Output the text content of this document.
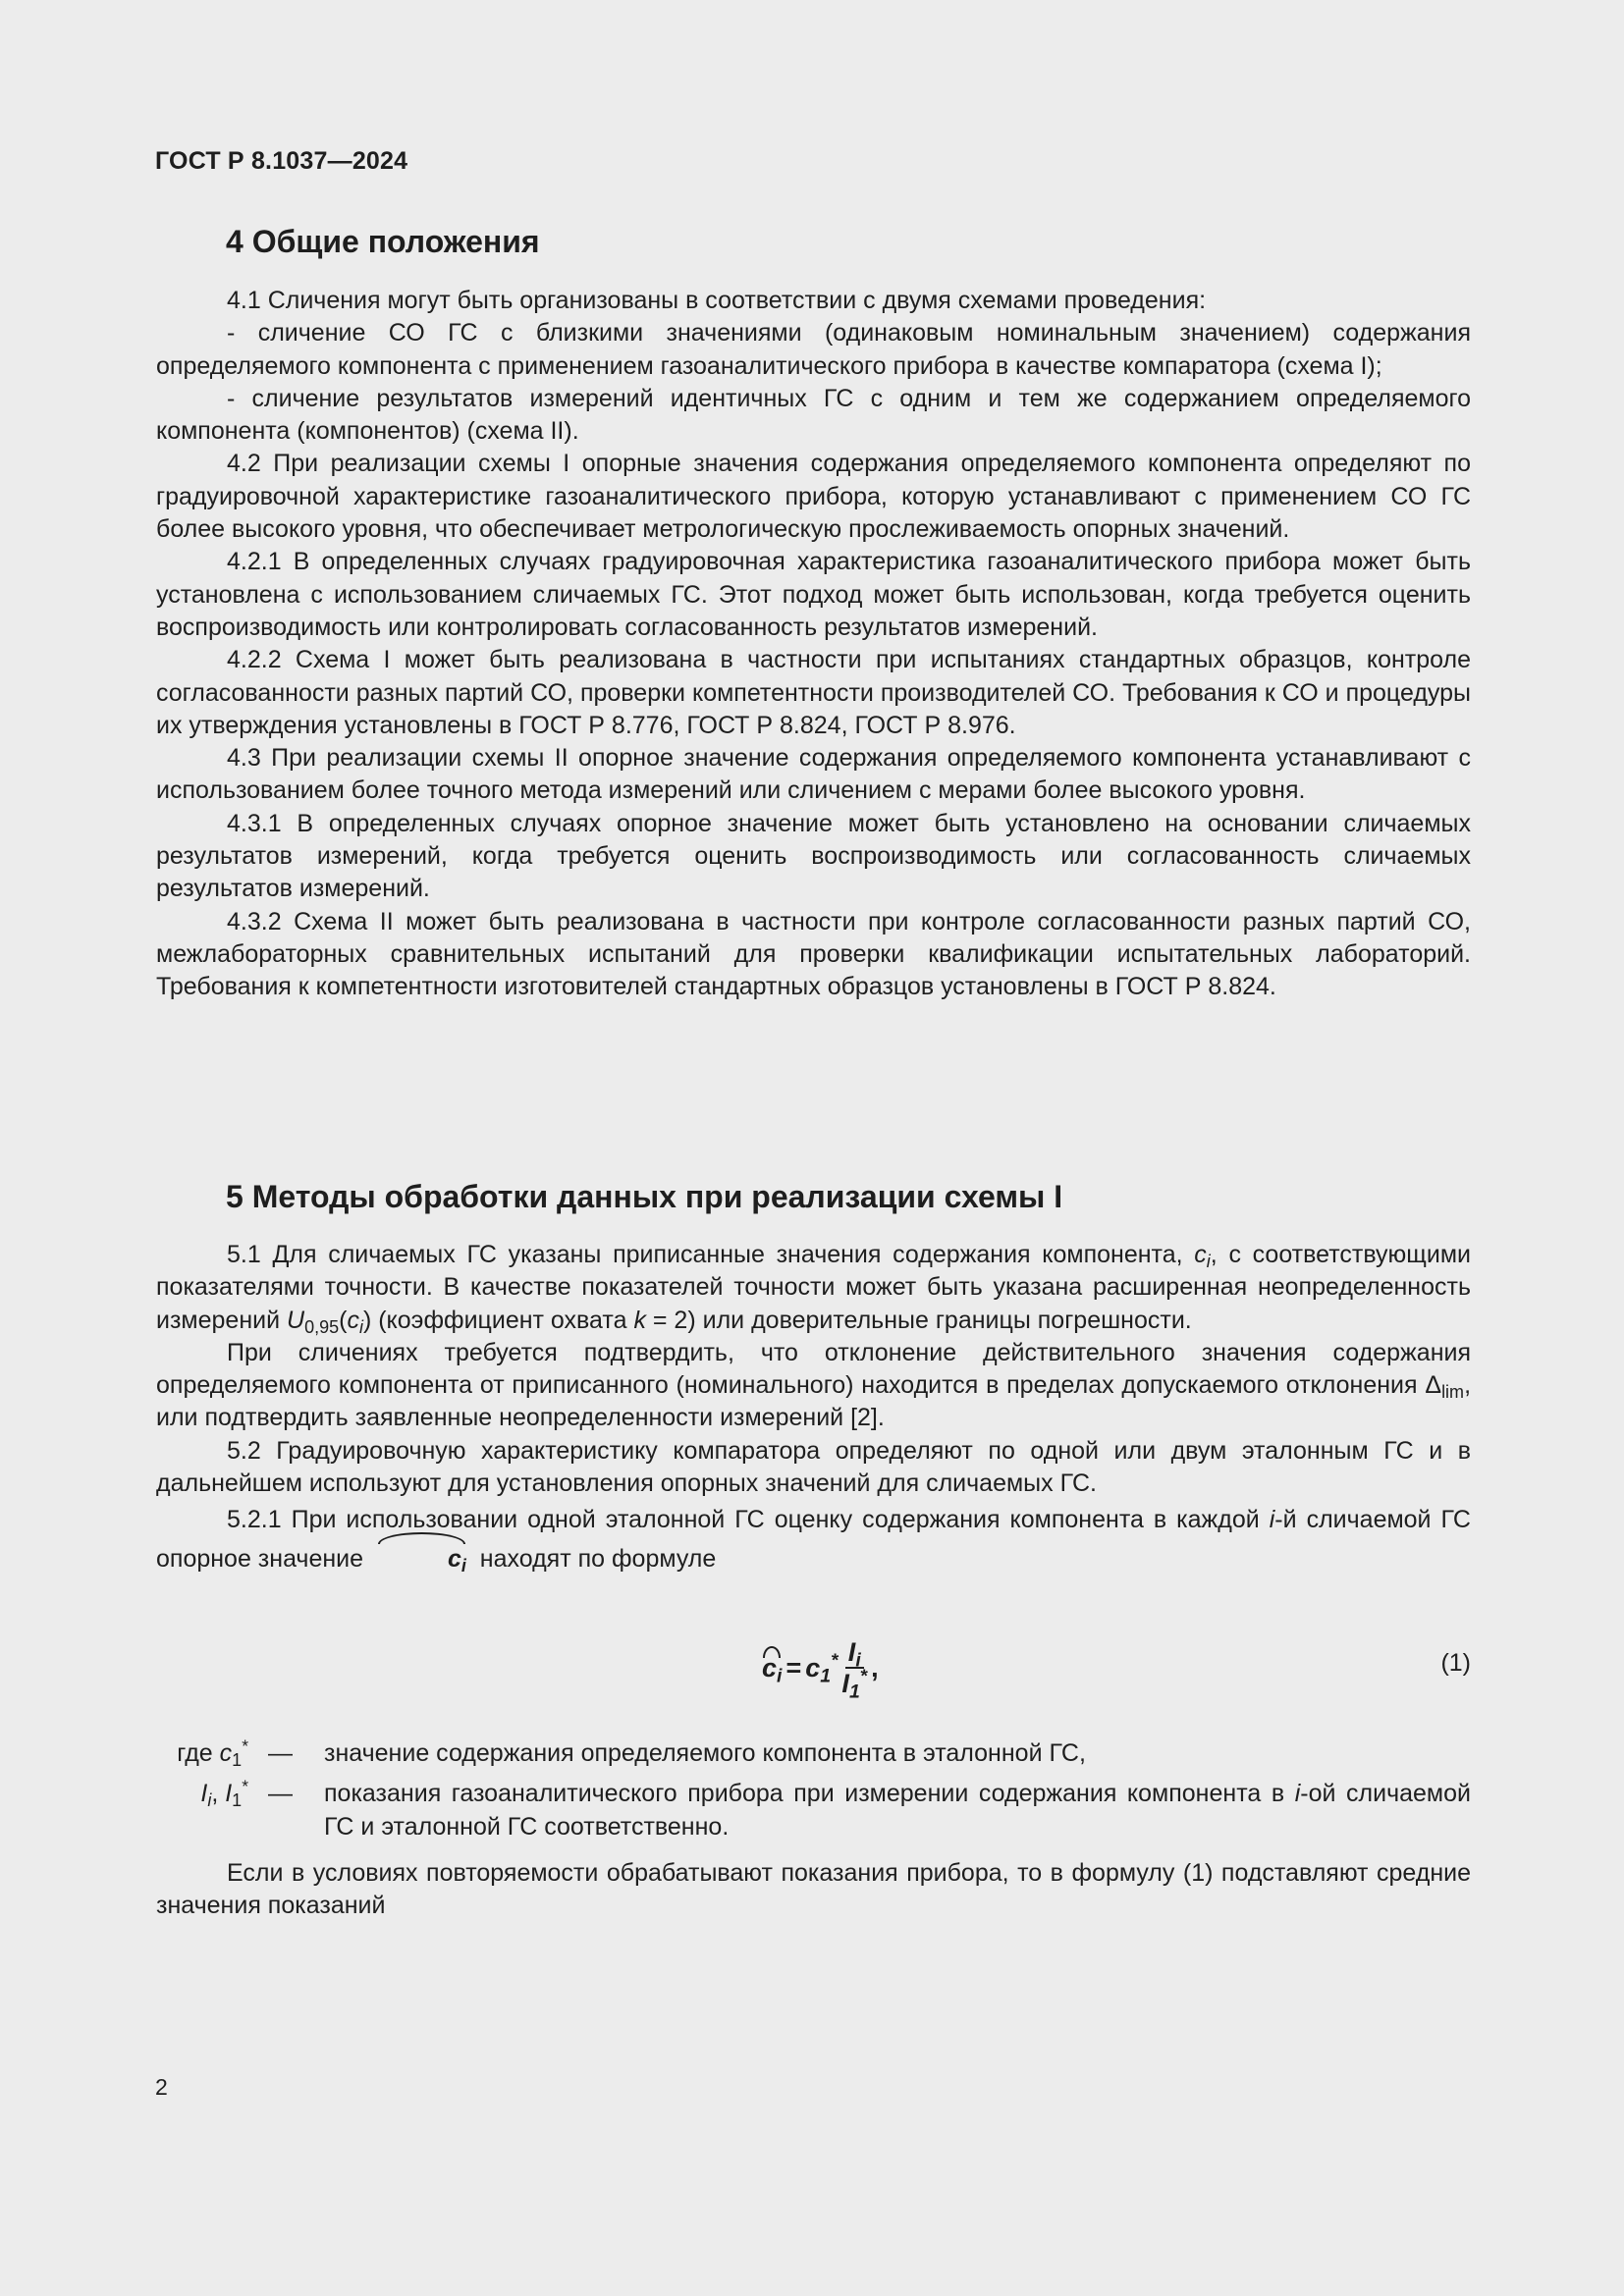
ГОСТ Р 8.1037—2024
4 Общие положения

4.1 Сличения могут быть организованы в соответствии с двумя схемами проведения:

- сличение СО ГС с близкими значениями (одинаковым номинальным значением) содержания определяемого компонента с применением газоаналитического прибора в качестве компаратора (схема I);

- сличение результатов измерений идентичных ГС с одним и тем же содержанием определяемого компонента (компонентов) (схема II).

4.2 При реализации схемы I опорные значения содержания определяемого компонента определяют по градуировочной характеристике газоаналитического прибора, которую устанавливают с применением СО ГС более высокого уровня, что обеспечивает метрологическую прослеживаемость опорных значений.

4.2.1 В определенных случаях градуировочная характеристика газоаналитического прибора может быть установлена с использованием сличаемых ГС. Этот подход может быть использован, когда требуется оценить воспроизводимость или контролировать согласованность результатов измерений.

4.2.2 Схема I может быть реализована в частности при испытаниях стандартных образцов, контроле согласованности разных партий СО, проверки компетентности производителей СО. Требования к СО и процедуры их утверждения установлены в ГОСТ Р 8.776, ГОСТ Р 8.824, ГОСТ Р 8.976.

4.3 При реализации схемы II опорное значение содержания определяемого компонента устанавливают с использованием более точного метода измерений или сличением с мерами более высокого уровня.

4.3.1 В определенных случаях опорное значение может быть установлено на основании сличаемых результатов измерений, когда требуется оценить воспроизводимость или согласованность сличаемых результатов измерений.

4.3.2 Схема II может быть реализована в частности при контроле согласованности разных партий СО, межлабораторных сравнительных испытаний для проверки квалификации испытательных лабораторий. Требования к компетентности изготовителей стандартных образцов установлены в ГОСТ Р 8.824.

5 Методы обработки данных при реализации схемы I

5.1 Для сличаемых ГС указаны приписанные значения содержания компонента, $c_i$, с соответствующими показателями точности. В качестве показателей точности может быть указана расширенная неопределенность измерений $U_{0,95}(c_i)$ (коэффициент охвата k = 2) или доверительные границы погрешности.

При сличениях требуется подтвердить, что отклонение действительного значения содержания определяемого компонента от приписанного (номинального) находится в пределах допускаемого отклонения $\Delta_{lim}$, или подтвердить заявленные неопределенности измерений [2].

5.2 Градуировочную характеристику компаратора определяют по одной или двум эталонным ГС и в дальнейшем используют для установления опорных значений для сличаемых ГС.

5.2.1 При использовании одной эталонной ГС оценку содержания компонента в каждой i-й сличаемой ГС опорное значение	$c_i$ находят по формуле

$c_i = c_1^* \frac{I_i}{I_1^*}$ ,	(1)
где $c_1^*$ — значение содержания определяемого компонента в эталонной ГС,
$I_i$, $I_1^*$ — показания газоаналитического прибора при измерении содержания компонента в i-ой сличаемой ГС и эталонной ГС соответственно.

Если в условиях повторяемости обрабатывают показания прибора, то в формулу (1) подставляют средние значения показаний

2
